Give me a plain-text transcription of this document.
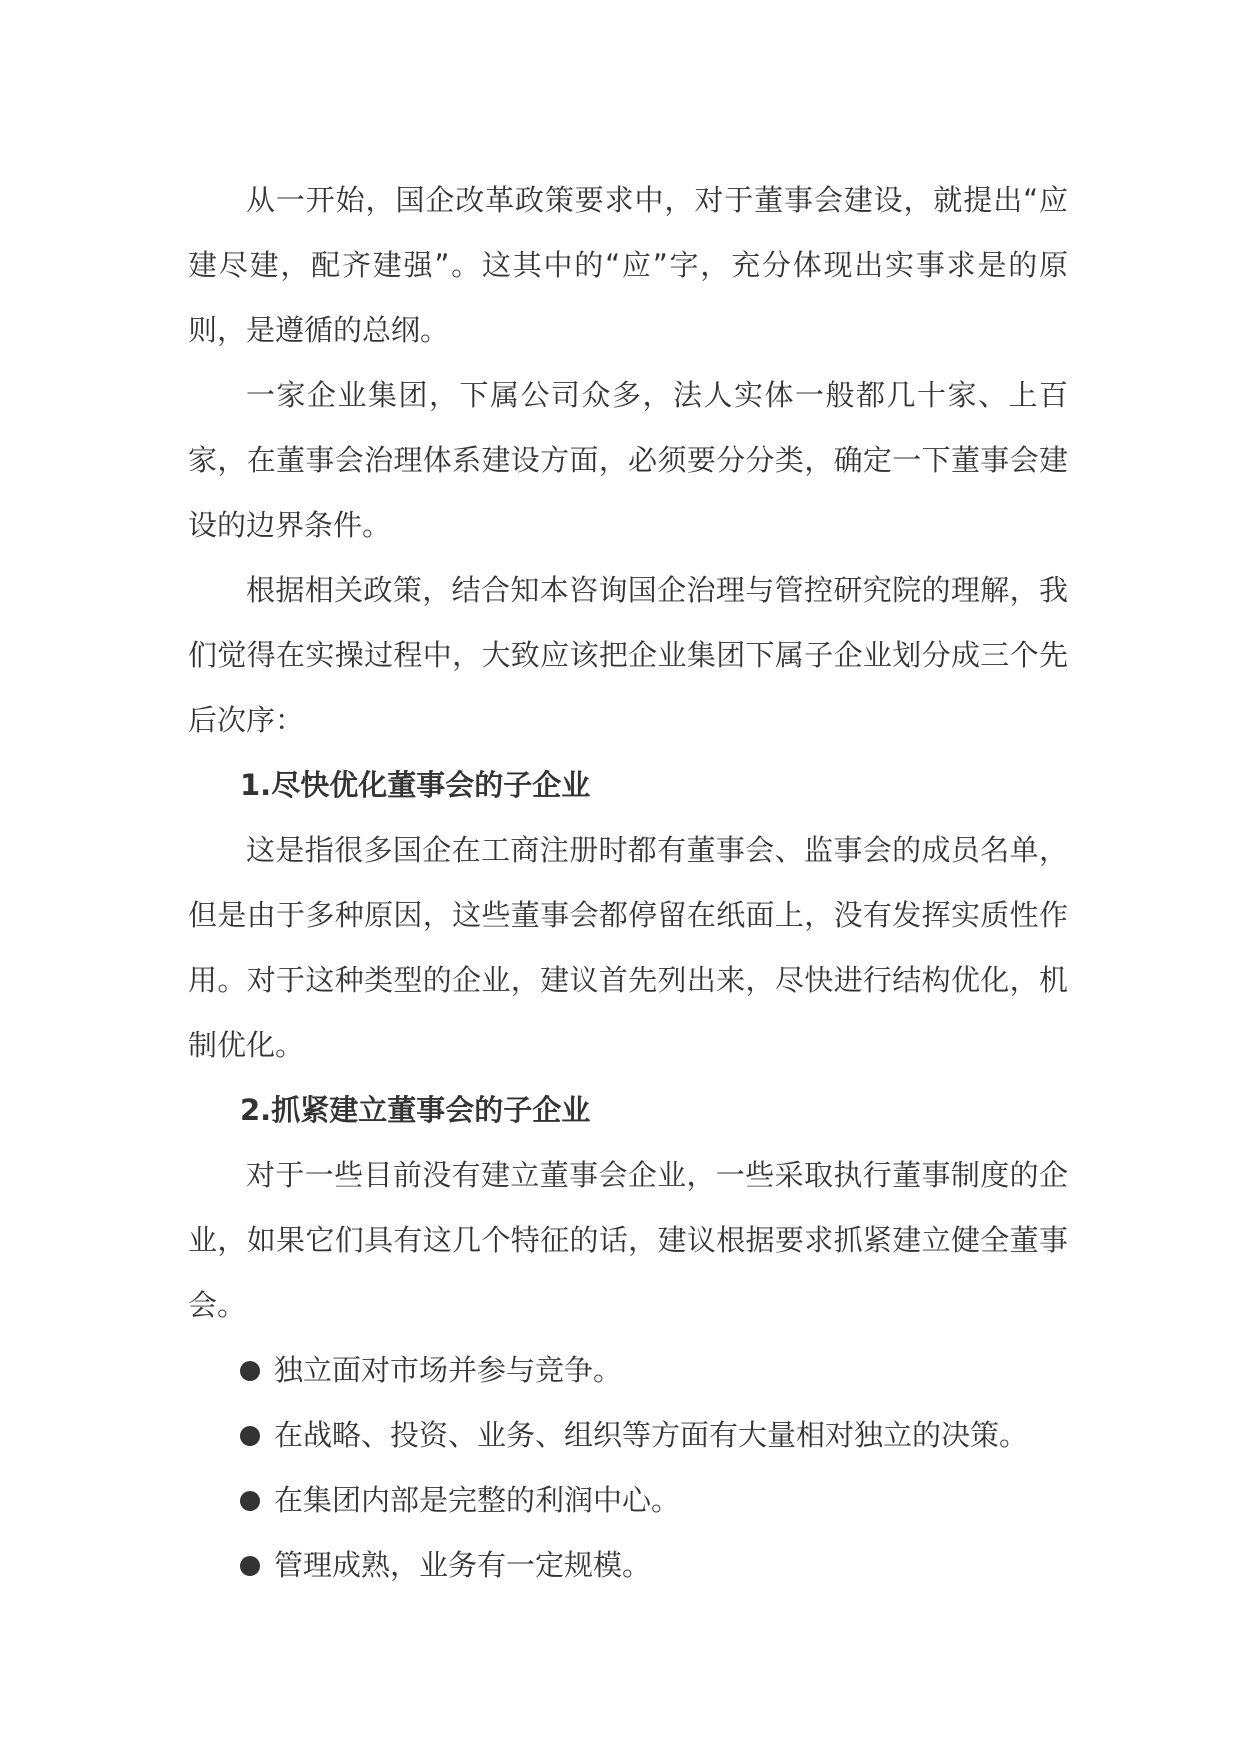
从一开始，国企改革政策要求中，对于董事会建设，就提出“应建尽建，配齐建强”。这其中的“应”字，充分体现出实事求是的原则，是遵循的总纲。

一家企业集团，下属公司众多，法人实体一般都几十家、上百家，在董事会治理体系建设方面，必须要分分类，确定一下董事会建设的边界条件。

根据相关政策，结合知本咨询国企治理与管控研究院的理解，我们觉得在实操过程中，大致应该把企业集团下属子企业划分成三个先后次序：

1.尽快优化董事会的子企业

这是指很多国企在工商注册时都有董事会、监事会的成员名单，但是由于多种原因，这些董事会都停留在纸面上，没有发挥实质性作用。对于这种类型的企业，建议首先列出来，尽快进行结构优化，机制优化。

2.抓紧建立董事会的子企业

对于一些目前没有建立董事会企业，一些采取执行董事制度的企业，如果它们具有这几个特征的话，建议根据要求抓紧建立健全董事会。

独立面对市场并参与竞争。
在战略、投资、业务、组织等方面有大量相对独立的决策。
在集团内部是完整的利润中心。
管理成熟，业务有一定规模。
